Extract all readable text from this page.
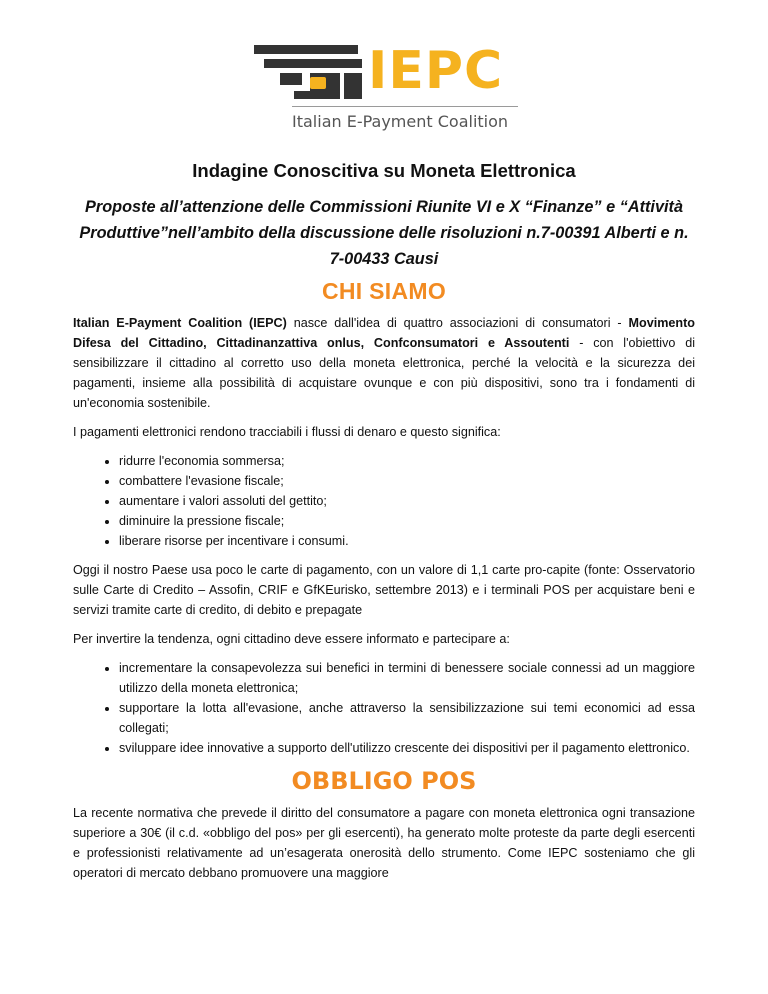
IEPC
Italian E-Payment Coalition
Indagine Conoscitiva su Moneta Elettronica
Proposte all’attenzione delle Commissioni Riunite VI e X “Finanze” e “Attività Produttive”nell’ambito della discussione delle risoluzioni n.7-00391 Alberti e n. 7-00433 Causi
CHI SIAMO

Italian E-Payment Coalition (IEPC) nasce dall'idea di quattro associazioni di consumatori - Movimento Difesa del Cittadino, Cittadinanzattiva onlus, Confconsumatori e Assoutenti - con l'obiettivo di sensibilizzare il cittadino al corretto uso della moneta elettronica, perché la velocità e la sicurezza dei pagamenti, insieme alla possibilità di acquistare ovunque e con più dispositivi, sono tra i fondamenti di un'economia sostenibile.

I pagamenti elettronici rendono tracciabili i flussi di denaro e questo significa:

• ridurre l'economia sommersa;
• combattere l'evasione fiscale;
• aumentare i valori assoluti del gettito;
• diminuire la pressione fiscale;
• liberare risorse per incentivare i consumi.

Oggi il nostro Paese usa poco le carte di pagamento, con un valore di 1,1 carte pro-capite (fonte: Osservatorio sulle Carte di Credito – Assofin, CRIF e GfKEurisko, settembre 2013) e i terminali POS per acquistare beni e servizi tramite carte di credito, di debito e prepagate

Per invertire la tendenza, ogni cittadino deve essere informato e partecipare a:

• incrementare la consapevolezza sui benefici in termini di benessere sociale connessi ad un maggiore utilizzo della moneta elettronica;
• supportare la lotta all'evasione, anche attraverso la sensibilizzazione sui temi economici ad essa collegati;
• sviluppare idee innovative a supporto dell'utilizzo crescente dei dispositivi per il pagamento elettronico.
OBBLIGO POS

La recente normativa che prevede il diritto del consumatore a pagare con moneta elettronica ogni transazione superiore a 30€ (il c.d. «obbligo del pos» per gli esercenti), ha generato molte proteste da parte degli esercenti e professionisti relativamente ad un’esagerata onerosità dello strumento. Come IEPC sosteniamo che gli operatori di mercato debbano promuovere una maggiore
